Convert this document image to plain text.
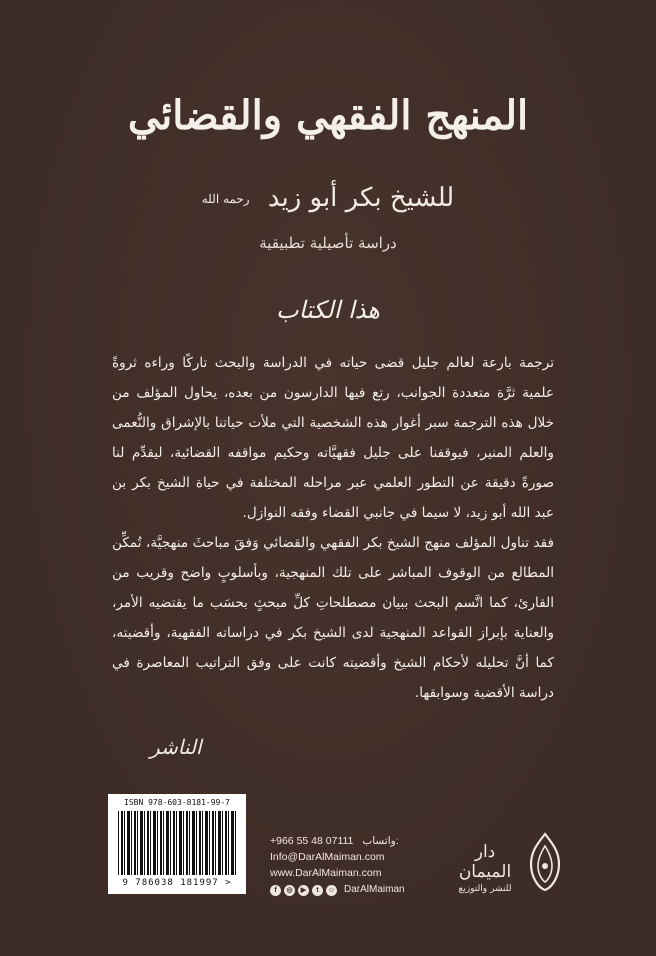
المنهج الفقهي والقضائي
للشيخ بكر أبو زيد رحمه الله
دراسة تأصيلية تطبيقية
هذا الكتاب

ترجمة بارعة لعالم جليل قضى حياته في الدراسة والبحث تاركًا وراءه ثروةً علمية ثرَّة متعددة الجوانب، رتع فيها الدارسون من بعده، يحاول المؤلف من خلال هذه الترجمة سبر أغوار هذه الشخصية التي ملأت حياتنا بالإشراق والنُّعمى والعلم المنير، فيوقفنا على جليل فقهيَّاته وحكيم مواقفه القضائية، ليقدِّم لنا صورةً دقيقة عن التطور العلمي عبر مراحله المختلفة في حياة الشيخ بكر بن عبد الله أبو زيد، لا سيما في جانبي القضاء وفقه النوازل.

فقد تناول المؤلف منهج الشيخ بكر الفقهي والقضائي وَفقَ مباحثَ منهجيَّة، تُمكِّن المطالع من الوقوف المباشر على تلك المنهجية، وبأسلوبٍ واضح وقريب من القارئ، كما اتَّسم البحث ببيان مصطلحاتِ كلِّ مبحثٍ بحسَب ما يقتضيه الأمر، والعناية بإبراز القواعد المنهجية لدى الشيخ بكر في دراساته الفقهية، وأقضيته، كما أنَّ تحليله لأحكام الشيخ وأقضيته كانت على وفق التراتيب المعاصرة في دراسة الأقضية وسوابقها.

الناشر
ISBN 978-603-8181-99-7
9 786038 181997 >
+966 55 48 07111 واتساب:
Info@DarAlMaiman.com
www.DarAlMaiman.com
f	◎	▶	t	☺ DarAlMaiman
دار الميمان
للنشر والتوزيع
